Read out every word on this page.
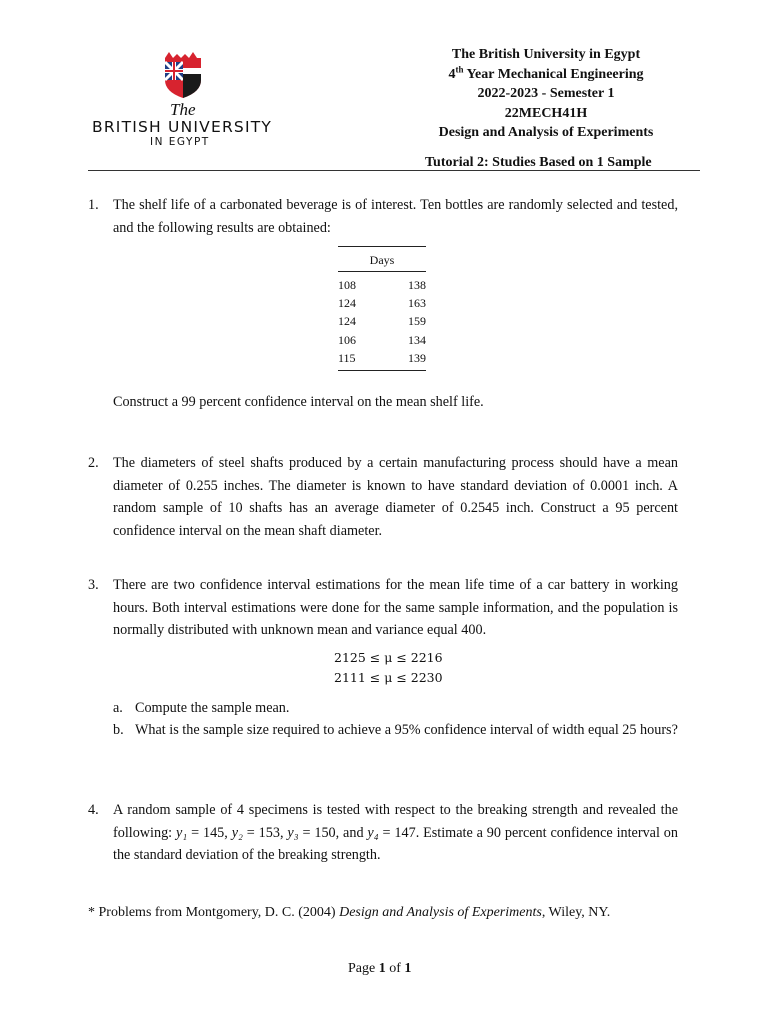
The
BRITISH UNIVERSITY
IN EGYPT
The British University in Egypt
4th Year Mechanical Engineering
2022-2023 - Semester 1
22MECH41H
Design and Analysis of Experiments
Tutorial 2: Studies Based on 1 Sample
1. The shelf life of a carbonated beverage is of interest. Ten bottles are randomly selected and tested, and the following results are obtained:
Days
108	138
124	163
124	159
106	134
115	139
Construct a 99 percent confidence interval on the mean shelf life.
2. The diameters of steel shafts produced by a certain manufacturing process should have a mean diameter of 0.255 inches. The diameter is known to have standard deviation of 0.0001 inch. A random sample of 10 shafts has an average diameter of 0.2545 inch. Construct a 95 percent confidence interval on the mean shaft diameter.
3. There are two confidence interval estimations for the mean life time of a car battery in working hours. Both interval estimations were done for the same sample information, and the population is normally distributed with unknown mean and variance equal 400.
2125 ≤ μ ≤ 2216
2111 ≤ μ ≤ 2230
a. Compute the sample mean.
b. What is the sample size required to achieve a 95% confidence interval of width equal 25 hours?
4. A random sample of 4 specimens is tested with respect to the breaking strength and revealed the following: y₁ = 145, y₂ = 153, y₃ = 150, and y₄ = 147. Estimate a 90 percent confidence interval on the standard deviation of the breaking strength.
* Problems from Montgomery, D. C. (2004) Design and Analysis of Experiments, Wiley, NY.
Page 1 of 1
